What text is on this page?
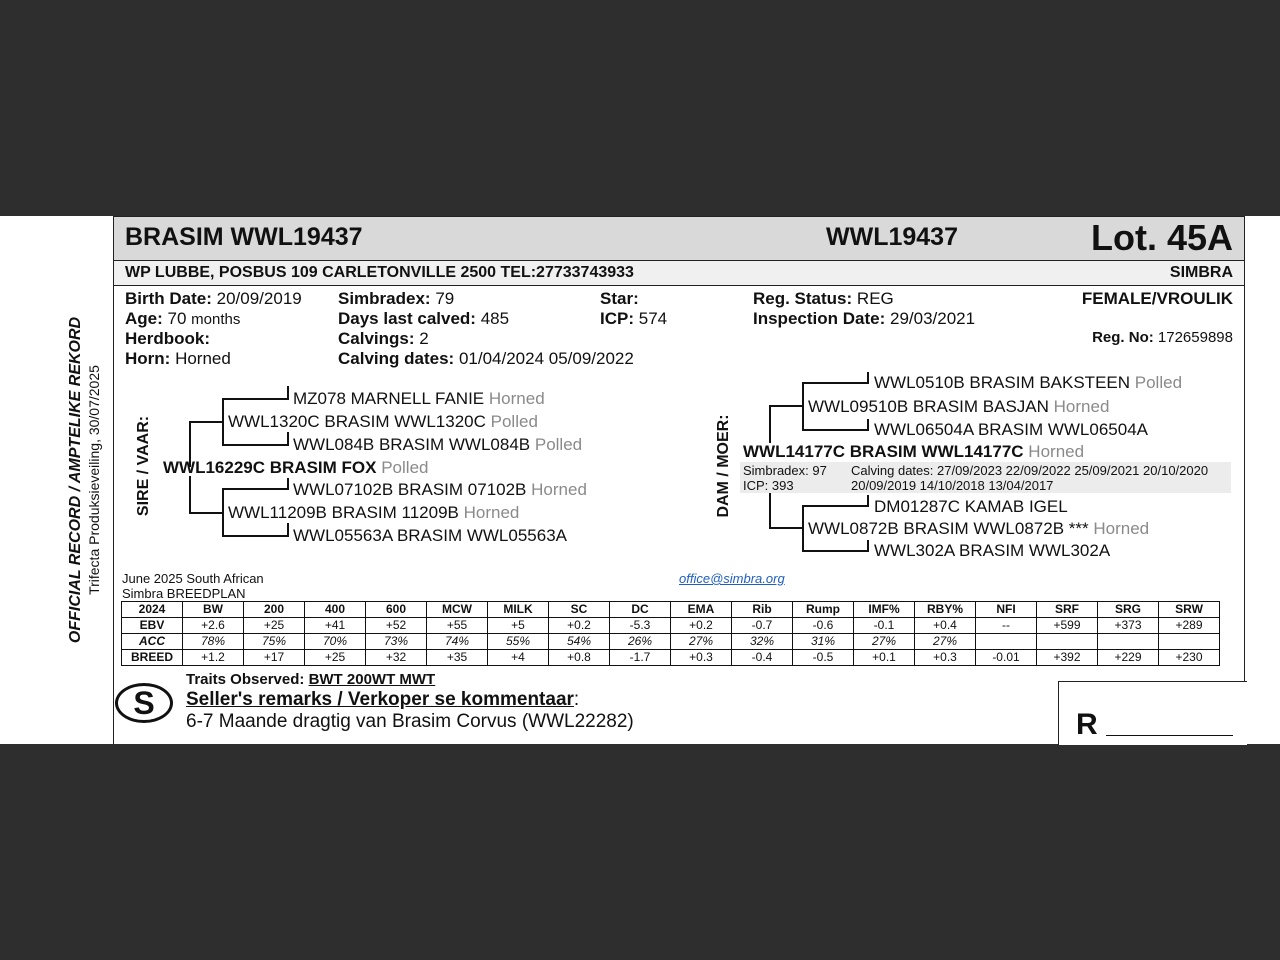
OFFICIAL RECORD / AMPTELIKE REKORD Trifecta Produksieveiling, 30/07/2025
BRASIM WWL19437	WWL19437	Lot. 45A
WP LUBBE, POSBUS 109 CARLETONVILLE 2500 TEL:27733743933	SIMBRA
Birth Date: 20/09/2019
Age: 70 months
Herdbook:
Horn: Horned
Simbradex: 79
Days last calved: 485
Calvings: 2
Calving dates: 01/04/2024 05/09/2022
Star:
ICP: 574
Reg. Status: REG
Inspection Date: 29/03/2021
FEMALE/VROULIK
Reg. No: 172659898
SIRE / VAAR:
MZ078 MARNELL FANIE Horned
WWL1320C BRASIM WWL1320C Polled
WWL084B BRASIM WWL084B Polled
WWL16229C BRASIM FOX Polled
WWL07102B BRASIM 07102B Horned
WWL11209B BRASIM 11209B Horned
WWL05563A BRASIM WWL05563A
DAM / MOER:
WWL0510B BRASIM BAKSTEEN Polled
WWL09510B BRASIM BASJAN Horned
WWL06504A BRASIM WWL06504A
WWL14177C BRASIM WWL14177C Horned
Simbradex: 97
ICP: 393
Calving dates: 27/09/2023 22/09/2022 25/09/2021 20/10/2020
20/09/2019 14/10/2018 13/04/2017
DM01287C KAMAB IGEL
WWL0872B BRASIM WWL0872B *** Horned
WWL302A BRASIM WWL302A
June 2025 South African
Simbra BREEDPLAN
office@simbra.org
2024	BW	200	400	600	MCW	MILK	SC	DC	EMA	Rib	Rump	IMF%	RBY%	NFI	SRF	SRG	SRW
EBV	+2.6	+25	+41	+52	+55	+5	+0.2	-5.3	+0.2	-0.7	-0.6	-0.1	+0.4	--	+599	+373	+289
ACC	78%	75%	70%	73%	74%	55%	54%	26%	27%	32%	31%	27%	27%				
BREED	+1.2	+17	+25	+32	+35	+4	+0.8	-1.7	+0.3	-0.4	-0.5	+0.1	+0.3	-0.01	+392	+229	+230
S
Traits Observed: BWT 200WT MWT
Seller's remarks / Verkoper se kommentaar:
6-7 Maande dragtig van Brasim Corvus (WWL22282)	R
